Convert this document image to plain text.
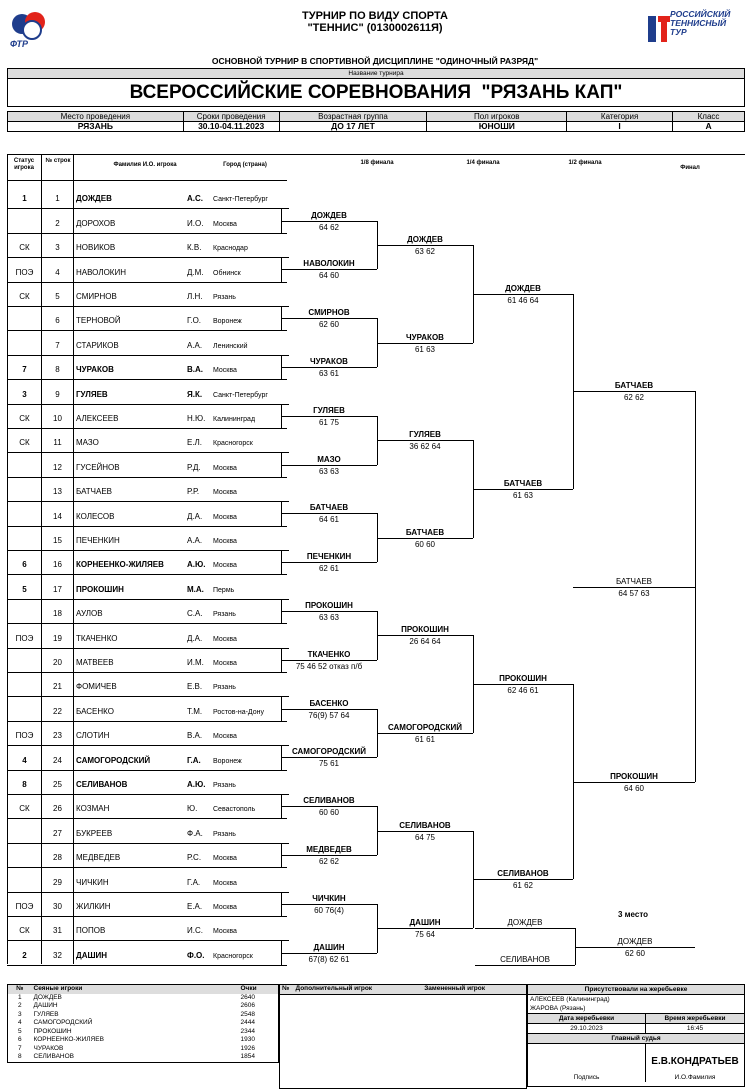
ФТР
РОССИЙСКИЙ
ТЕННИСНЫЙ
ТУР
ТУРНИР ПО ВИДУ СПОРТА
"ТЕННИС" (0130002611Я)
ОСНОВНОЙ ТУРНИР В СПОРТИВНОЙ ДИСЦИПЛИНЕ "ОДИНОЧНЫЙ РАЗРЯД"
Название турнира
ВСЕРОССИЙСКИЕ СОРЕВНОВАНИЯ  "РЯЗАНЬ КАП"
Место проведения	Сроки проведения	Возрастная группа	Пол игроков	Категория	Класс
РЯЗАНЬ	30.10-04.11.2023	ДО 17 ЛЕТ	ЮНОШИ	I	A
Статус игрока
№ строк
Фамилия И.О. игрока	Город (страна)	1/8 финала	1/4 финала	1/2 финала
Финал
1	1	ДОЖДЕВ	А.С. Санкт-Петербург
2	ДОРОХОВ	И.О. Москва
СК	3	НОВИКОВ	К.В. Краснодар
ПОЭ	4	НАВОЛОКИН	Д.М. Обнинск
СК	5	СМИРНОВ	Л.Н. Рязань
6	ТЕРНОВОЙ	Г.О. Воронеж
7	СТАРИКОВ	А.А. Ленинский
7	8	ЧУРАКОВ	В.А. Москва
3	9	ГУЛЯЕВ	Я.К. Санкт-Петербург
СК	10	АЛЕКСЕЕВ	Н.Ю. Калининград
СК	11	МАЗО	Е.Л. Красногорск
12	ГУСЕЙНОВ	Р.Д. Москва
13	БАТЧАЕВ	Р.Р. Москва
14	КОЛЕСОВ	Д.А. Москва
15	ПЕЧЕНКИН	А.А. Москва
6	16	КОРНЕЕНКО-ЖИЛЯЕВ	А.Ю. Москва
5	17	ПРОКОШИН	М.А. Пермь
18	АУЛОВ	С.А. Рязань
ПОЭ	19	ТКАЧЕНКО	Д.А. Москва
20	МАТВЕЕВ	И.М. Москва
21	ФОМИЧЕВ	Е.В. Рязань
22	БАСЕНКО	Т.М. Ростов-на-Дону
ПОЭ	23	СЛОТИН	В.А. Москва
4	24	САМОГОРОДСКИЙ	Г.А. Воронеж
8	25	СЕЛИВАНОВ	А.Ю. Рязань
СК	26	КОЗМАН	Ю. Севастополь
27	БУКРЕЕВ	Ф.А. Рязань
28	МЕДВЕДЕВ	Р.С. Москва
29	ЧИЧКИН	Г.А. Москва
ПОЭ	30	ЖИЛКИН	Е.А. Москва
СК	31	ПОПОВ	И.С. Москва
2	32	ДАШИН	Ф.О. Красногорск
ДОЖДЕВ
64 62
НАВОЛОКИН
64 60
СМИРНОВ
62 60
ЧУРАКОВ
63 61
ГУЛЯЕВ
61 75
МАЗО
63 63
БАТЧАЕВ
64 61
ПЕЧЕНКИН
62 61
ПРОКОШИН
63 63
ТКАЧЕНКО
75 46 52 отказ п/б
БАСЕНКО
76(9) 57 64
САМОГОРОДСКИЙ
75 61
СЕЛИВАНОВ
60 60
МЕДВЕДЕВ
62 62
ЧИЧКИН
60 76(4)
ДАШИН
67(8) 62 61
ДОЖДЕВ
63 62
ЧУРАКОВ
61 63
ГУЛЯЕВ
36 62 64
БАТЧАЕВ
60 60
ПРОКОШИН
26 64 64
САМОГОРОДСКИЙ
61 61
СЕЛИВАНОВ
64 75
ДАШИН
75 64
ДОЖДЕВ
61 46 64
БАТЧАЕВ
61 63
ПРОКОШИН
62 46 61
СЕЛИВАНОВ
61 62
БАТЧАЕВ
62 62
ПРОКОШИН
64 60
БАТЧАЕВ
64 57 63
3 место
ДОЖДЕВ
СЕЛИВАНОВ
ДОЖДЕВ
62 60
№	Сеяные игроки	Очки
1	ДОЖДЕВ	2640
2	ДАШИН	2606
3	ГУЛЯЕВ	2548
4	САМОГОРОДСКИЙ	2444
5	ПРОКОШИН	2344
6	КОРНЕЕНКО-ЖИЛЯЕВ	1930
7	ЧУРАКОВ	1926
8	СЕЛИВАНОВ	1854
№	Дополнительный игрок	Замененный игрок	Присутствовали на жеребьевке
АЛЕКСЕЕВ (Калининград)
ЖАРОВА (Рязань)
Дата жеребьевки	Время жеребьевки
29.10.2023	16:45
Главный судья
Подпись
Е.В.КОНДРАТЬЕВ
И.О.Фамилия
